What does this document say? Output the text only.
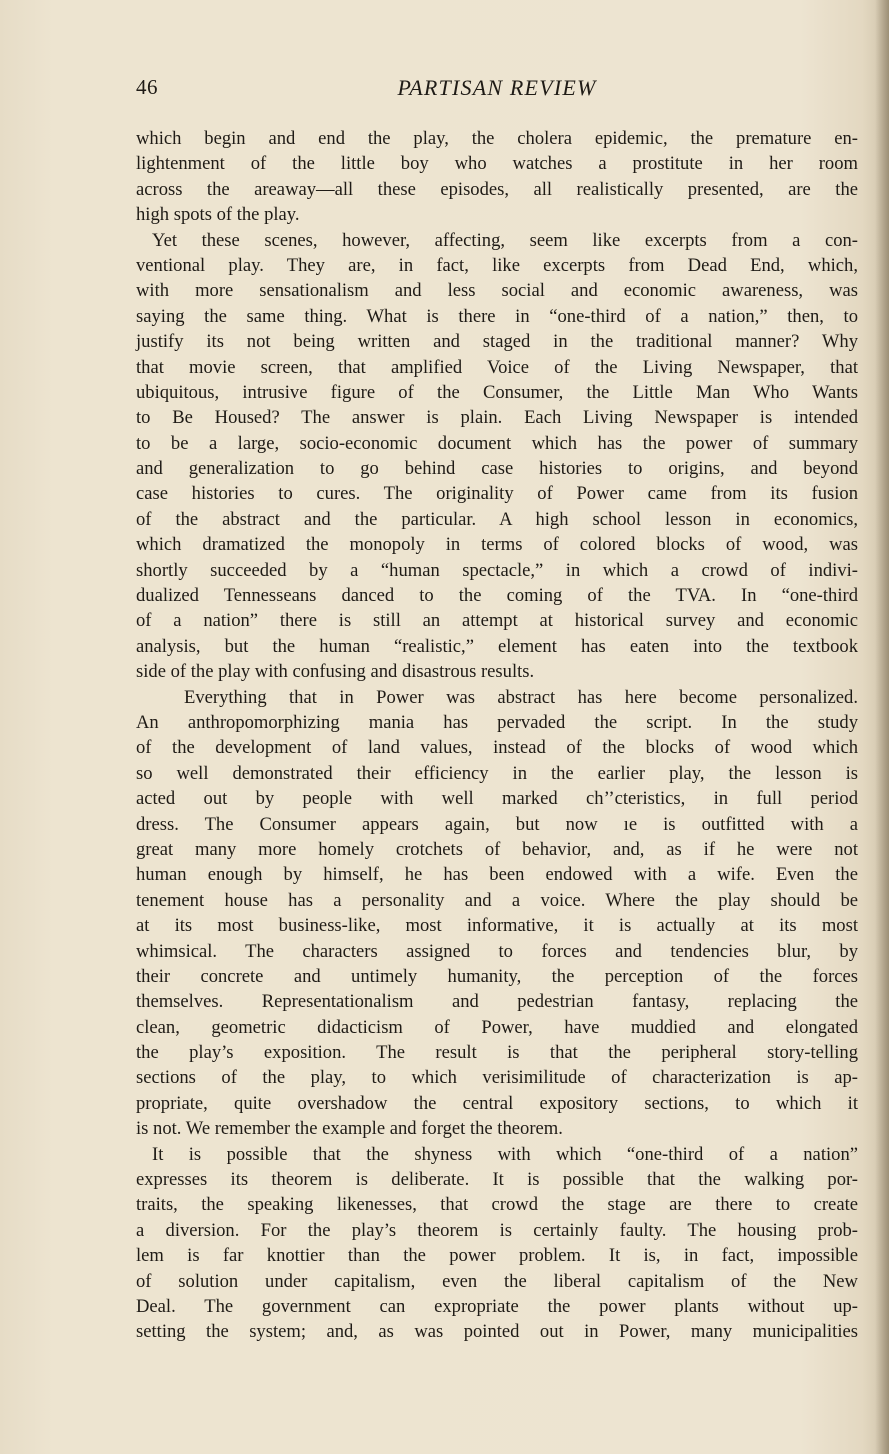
46	PARTISAN REVIEW
which begin and end the play, the cholera epidemic, the premature en-
lightenment of the little boy who watches a prostitute in her room
across the areaway—all these episodes, all realistically presented, are the
high spots of the play.
Yet these scenes, however, affecting, seem like excerpts from a con-
ventional play. They are, in fact, like excerpts from Dead End, which,
with more sensationalism and less social and economic awareness, was
saying the same thing. What is there in “one-third of a nation,” then, to
justify its not being written and staged in the traditional manner? Why
that movie screen, that amplified Voice of the Living Newspaper, that
ubiquitous, intrusive figure of the Consumer, the Little Man Who Wants
to Be Housed? The answer is plain. Each Living Newspaper is intended
to be a large, socio-economic document which has the power of summary
and generalization to go behind case histories to origins, and beyond
case histories to cures. The originality of Power came from its fusion
of the abstract and the particular. A high school lesson in economics,
which dramatized the monopoly in terms of colored blocks of wood, was
shortly succeeded by a “human spectacle,” in which a crowd of indivi-
dualized Tennesseans danced to the coming of the TVA. In “one-third
of a nation” there is still an attempt at historical survey and economic
analysis, but the human “realistic,” element has eaten into the textbook
side of the play with confusing and disastrous results.
Everything that in Power was abstract has here become personalized.
An anthropomorphizing mania has pervaded the script. In the study
of the development of land values, instead of the blocks of wood which
so well demonstrated their efficiency in the earlier play, the lesson is
acted out by people with well marked ch’’cteristics, in full period
dress. The Consumer appears again, but now ıe is outfitted with a
great many more homely crotchets of behavior, and, as if he were not
human enough by himself, he has been endowed with a wife. Even the
tenement house has a personality and a voice. Where the play should be
at its most business-like, most informative, it is actually at its most
whimsical. The characters assigned to forces and tendencies blur, by
their concrete and untimely humanity, the perception of the forces
themselves. Representationalism and pedestrian fantasy, replacing the
clean, geometric didacticism of Power, have muddied and elongated
the play’s exposition. The result is that the peripheral story-telling
sections of the play, to which verisimilitude of characterization is ap-
propriate, quite overshadow the central expository sections, to which it
is not. We remember the example and forget the theorem.
It is possible that the shyness with which “one-third of a nation”
expresses its theorem is deliberate. It is possible that the walking por-
traits, the speaking likenesses, that crowd the stage are there to create
a diversion. For the play’s theorem is certainly faulty. The housing prob-
lem is far knottier than the power problem. It is, in fact, impossible
of solution under capitalism, even the liberal capitalism of the New
Deal. The government can expropriate the power plants without up-
setting the system; and, as was pointed out in Power, many municipalities
